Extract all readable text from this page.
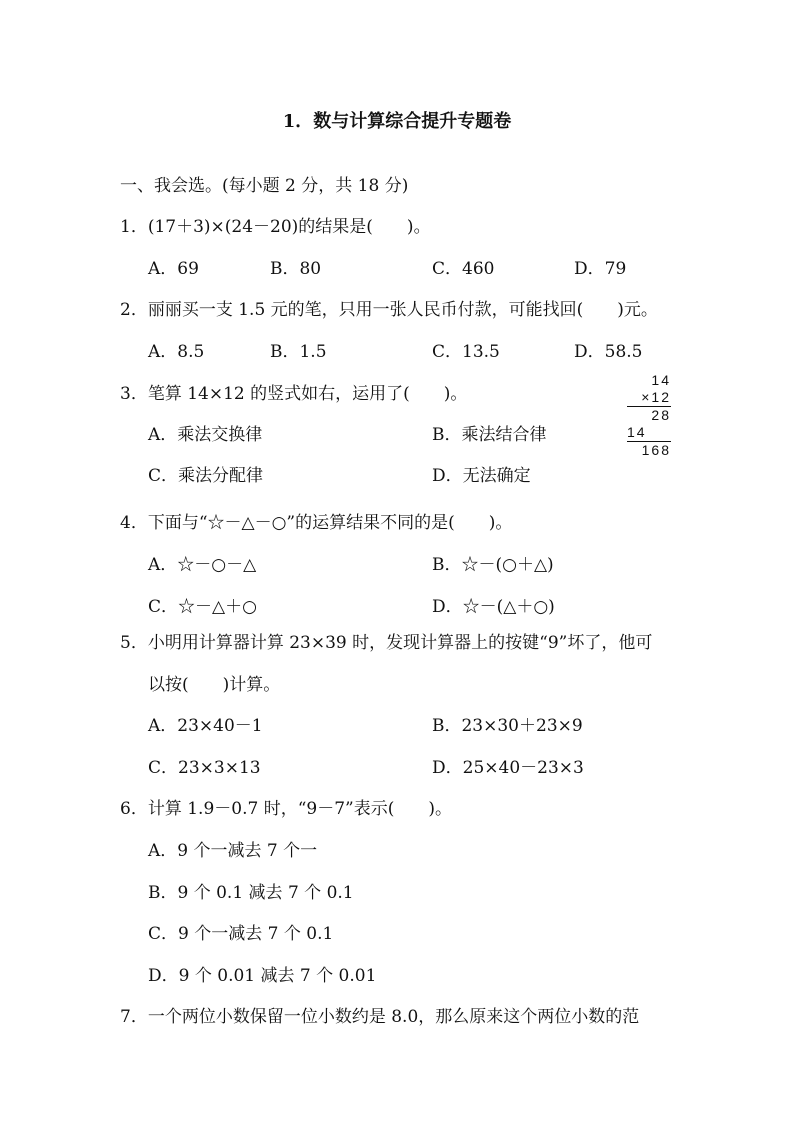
1．数与计算综合提升专题卷
一、我会选。(每小题 2 分，共 18 分)
1．(17＋3)×(24－20)的结果是(　　)。
A．69	B．80	C．460	D．79
2．丽丽买一支 1.5 元的笔，只用一张人民币付款，可能找回(　　)元。
A．8.5	B．1.5	C．13.5	D．58.5
3．笔算 14×12 的竖式如右，运用了(　　)。
A．乘法交换律	B．乘法结合律
C．乘法分配律	D．无法确定
14
×12
28
14
168
4．下面与“☆－△－○”的运算结果不同的是(　　)。
A．☆－○－△	B．☆－(○＋△)
C．☆－△＋○	D．☆－(△＋○)
5．小明用计算器计算 23×39 时，发现计算器上的按键“9”坏了，他可
以按(　　)计算。
A．23×40－1	B．23×30＋23×9
C．23×3×13	D．25×40－23×3
6．计算 1.9－0.7 时，“9－7”表示(　　)。
A．9 个一减去 7 个一
B．9 个 0.1 减去 7 个 0.1
C．9 个一减去 7 个 0.1
D．9 个 0.01 减去 7 个 0.01
7．一个两位小数保留一位小数约是 8.0，那么原来这个两位小数的范
